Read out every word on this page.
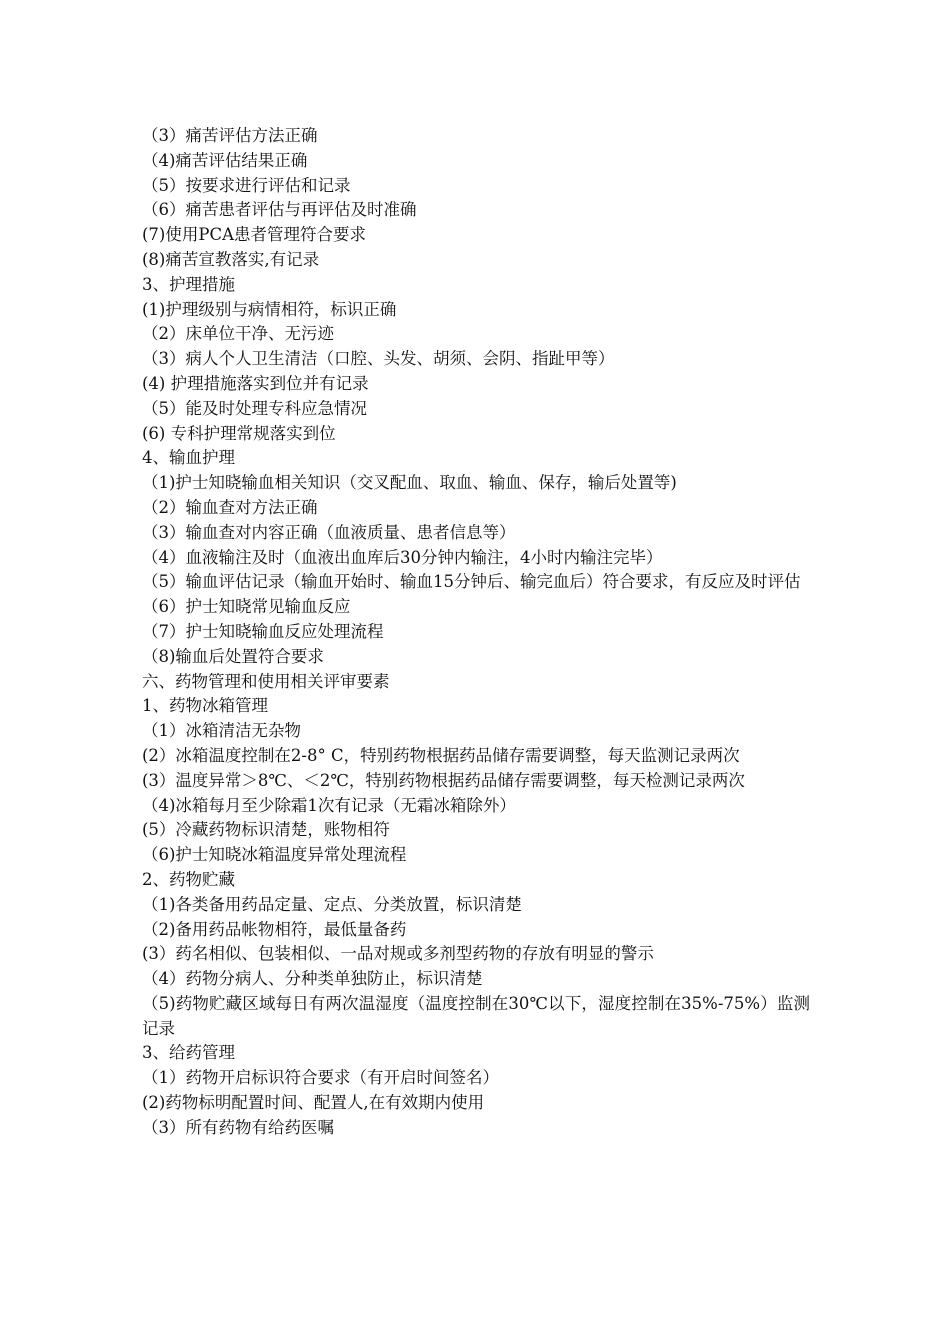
（3）痛苦评估方法正确

（4)痛苦评估结果正确

（5）按要求进行评估和记录

（6）痛苦患者评估与再评估及时准确

(7)使用PCA患者管理符合要求

(8)痛苦宣教落实,有记录

3、护理措施

(1)护理级别与病情相符，标识正确

（2）床单位干净、无污迹

（3）病人个人卫生清洁（口腔、头发、胡须、会阴、指趾甲等）

(4) 护理措施落实到位并有记录

（5）能及时处理专科应急情况

(6) 专科护理常规落实到位

4、输血护理

（1)护士知晓输血相关知识（交叉配血、取血、输血、保存，输后处置等)

（2）输血查对方法正确

（3）输血查对内容正确（血液质量、患者信息等）

（4）血液输注及时（血液出血库后30分钟内输注，4小时内输注完毕）

（5）输血评估记录（输血开始时、输血15分钟后、输完血后）符合要求，有反应及时评估

（6）护士知晓常见输血反应

（7）护士知晓输血反应处理流程

（8)输血后处置符合要求

六、药物管理和使用相关评审要素

1、药物冰箱管理

（1）冰箱清洁无杂物

(2）冰箱温度控制在2-8° C，特别药物根据药品储存需要调整，每天监测记录两次

(3）温度异常＞8℃、＜2℃，特别药物根据药品储存需要调整，每天检测记录两次

（4)冰箱每月至少除霜1次有记录（无霜冰箱除外）

(5）冷藏药物标识清楚，账物相符

（6)护士知晓冰箱温度异常处理流程

2、药物贮藏

（1)各类备用药品定量、定点、分类放置，标识清楚

（2)备用药品帐物相符，最低量备药

(3）药名相似、包装相似、一品对规或多剂型药物的存放有明显的警示

（4）药物分病人、分种类单独防止，标识清楚

（5)药物贮藏区域每日有两次温湿度（温度控制在30℃以下，湿度控制在35%-75%）监测记录

3、给药管理

（1）药物开启标识符合要求（有开启时间签名）

(2)药物标明配置时间、配置人,在有效期内使用

（3）所有药物有给药医嘱
